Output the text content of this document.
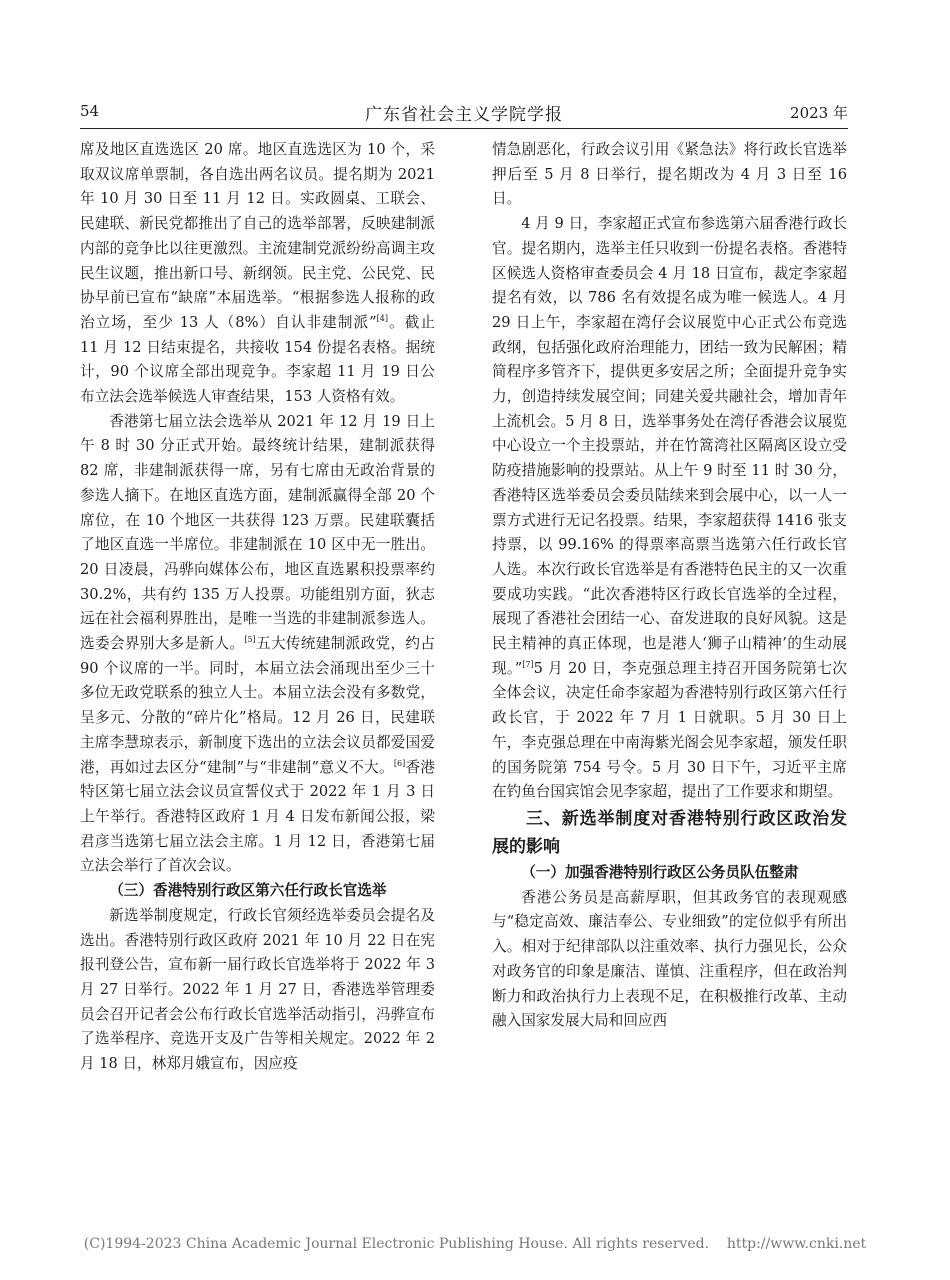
54	广东省社会主义学院学报	2023 年

席及地区直选选区 20 席。地区直选选区为 10 个，采取双议席单票制，各自选出两名议员。提名期为 2021 年 10 月 30 日至 11 月 12 日。实政圆桌、工联会、民建联、新民党都推出了自己的选举部署，反映建制派内部的竞争比以往更激烈。主流建制党派纷纷高调主攻民生议题，推出新口号、新纲领。民主党、公民党、民协早前已宣布“缺席”本届选举。“根据参选人报称的政治立场，至少 13 人（8%）自认非建制派”[4]。截止 11 月 12 日结束提名，共接收 154 份提名表格。据统计，90 个议席全部出现竞争。李家超 11 月 19 日公布立法会选举候选人审查结果，153 人资格有效。

香港第七届立法会选举从 2021 年 12 月 19 日上午 8 时 30 分正式开始。最终统计结果，建制派获得 82 席，非建制派获得一席，另有七席由无政治背景的参选人摘下。在地区直选方面，建制派赢得全部 20 个席位，在 10 个地区一共获得 123 万票。民建联囊括了地区直选一半席位。非建制派在 10 区中无一胜出。20 日凌晨，冯骅向媒体公布，地区直选累积投票率约 30.2%，共有约 135 万人投票。功能组别方面，狄志远在社会福利界胜出，是唯一当选的非建制派参选人。选委会界别大多是新人。[5]五大传统建制派政党，约占 90 个议席的一半。同时，本届立法会涌现出至少三十多位无政党联系的独立人士。本届立法会没有多数党，呈多元、分散的“碎片化”格局。12 月 26 日，民建联主席李慧琼表示，新制度下选出的立法会议员都爱国爱港，再如过去区分“建制”与“非建制”意义不大。[6]香港特区第七届立法会议员宣誓仪式于 2022 年 1 月 3 日上午举行。香港特区政府 1 月 4 日发布新闻公报，梁君彦当选第七届立法会主席。1 月 12 日，香港第七届立法会举行了首次会议。

（三）香港特别行政区第六任行政长官选举

新选举制度规定，行政长官须经选举委员会提名及选出。香港特别行政区政府 2021 年 10 月 22 日在宪报刊登公告，宣布新一届行政长官选举将于 2022 年 3 月 27 日举行。2022 年 1 月 27 日，香港选举管理委员会召开记者会公布行政长官选举活动指引，冯骅宣布了选举程序、竞选开支及广告等相关规定。2022 年 2 月 18 日，林郑月娥宣布，因应疫

情急剧恶化，行政会议引用《紧急法》将行政长官选举押后至 5 月 8 日举行，提名期改为 4 月 3 日至 16 日。

4 月 9 日，李家超正式宣布参选第六届香港行政长官。提名期内，选举主任只收到一份提名表格。香港特区候选人资格审查委员会 4 月 18 日宣布，裁定李家超提名有效，以 786 名有效提名成为唯一候选人。4 月 29 日上午，李家超在湾仔会议展览中心正式公布竞选政纲，包括强化政府治理能力，团结一致为民解困；精简程序多管齐下，提供更多安居之所；全面提升竞争实力，创造持续发展空间；同建关爱共融社会，增加青年上流机会。5 月 8 日，选举事务处在湾仔香港会议展览中心设立一个主投票站，并在竹篙湾社区隔离区设立受防疫措施影响的投票站。从上午 9 时至 11 时 30 分，香港特区选举委员会委员陆续来到会展中心，以一人一票方式进行无记名投票。结果，李家超获得 1416 张支持票，以 99.16% 的得票率高票当选第六任行政长官人选。本次行政长官选举是有香港特色民主的又一次重要成功实践。“此次香港特区行政长官选举的全过程，展现了香港社会团结一心、奋发进取的良好风貌。这是民主精神的真正体现，也是港人‘狮子山精神’的生动展现。”[7]5 月 20 日，李克强总理主持召开国务院第七次全体会议，决定任命李家超为香港特别行政区第六任行政长官，于 2022 年 7 月 1 日就职。5 月 30 日上午，李克强总理在中南海紫光阁会见李家超，颁发任职的国务院第 754 号令。5 月 30 日下午，习近平主席在钓鱼台国宾馆会见李家超，提出了工作要求和期望。

三、新选举制度对香港特别行政区政治发展的影响

（一）加强香港特别行政区公务员队伍整肃

香港公务员是高薪厚职，但其政务官的表现观感与“稳定高效、廉洁奉公、专业细致”的定位似乎有所出入。相对于纪律部队以注重效率、执行力强见长，公众对政务官的印象是廉洁、谨慎、注重程序，但在政治判断力和政治执行力上表现不足，在积极推行改革、主动融入国家发展大局和回应西

(C)1994-2023 China Academic Journal Electronic Publishing House. All rights reserved. http://www.cnki.net
